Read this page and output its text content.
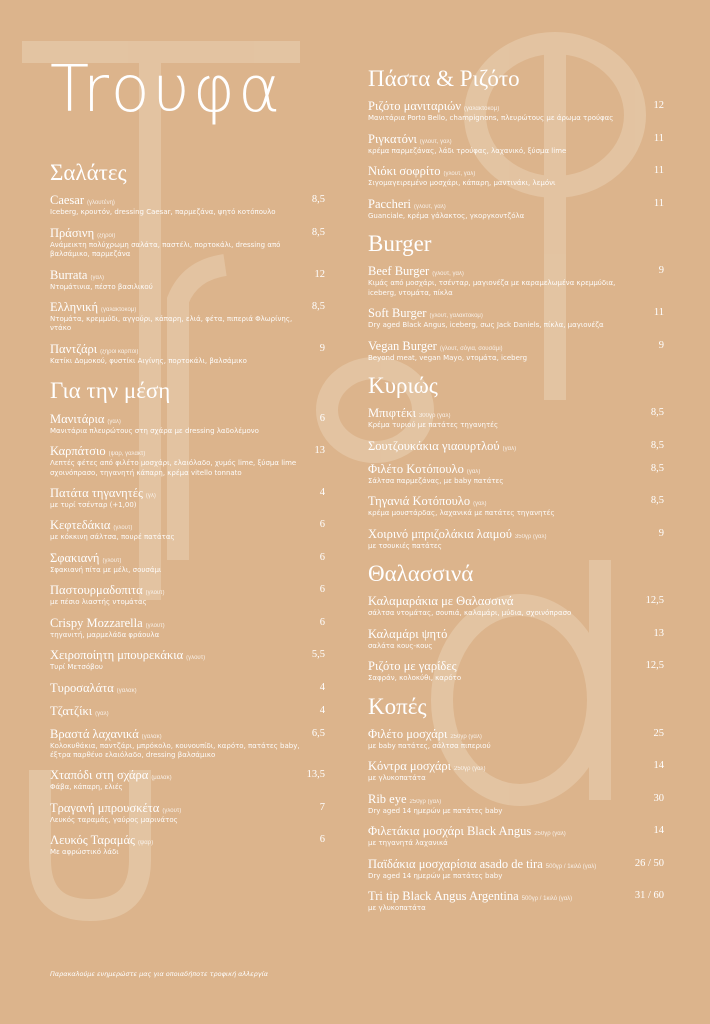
Troυφα
Σαλάτες
Caesar (γλουτένη)	8,5
Iceberg, κρουτόν, dressing Caesar, παρμεζάνα, ψητό κοτόπουλο
Πράσινη (ξηροί)	8,5
Ανάμεικτη πολύχρωμη σαλάτα, παστέλι, πορτοκάλι, dressing από βαλσάμικο, παρμεζάνα
Burrata (γαλ)	12
Ντομάτινια, πέστο βασιλικού
Ελληνική (γαλακτοκομ)	8,5
Ντομάτα, κρεμμύδι, αγγούρι, κάπαρη, ελιά, φέτα, πιπεριά Φλωρίνης, ντάκο
Παντζάρι (ξηροί καρποί)	9
Κατίκι Δομοκού, φυστίκι Αιγίνης, πορτοκάλι, βαλσάμικο
Για την μέση
Μανιτάρια (γαλ)	6
Μανιτάρια πλευρώτους στη σχάρα με dressing λαδολέμονο
Καρπάτσιο (ψαρ, γαλακτ)	13
Λεπτές φέτες από φιλέτο μοσχάρι, ελαιόλαδο, χυμός lime, ξύσμα lime σχοινόπρασο, τηγανητή κάπαρη, κρέμα vitello tonnato
Πατάτα τηγανητές (γλ)	4
με τυρί τσένταρ (+1,00)
Κεφτεδάκια (γλουτ)	6
με κόκκινη σάλτσα, πουρέ πατάτας
Σφακιανή (γλουτ)	6
Σφακιανή πίτα με μέλι, σουσάμι
Παστουρμαδοπιτα (γλουτ)	6
με πέσιο λιαστής ντομάτας
Crispy Mozzarella (γλουτ)	6
τηγανιτή, μαρμελάδα φράουλα
Χειροποίητη μπουρεκάκια (γλουτ)	5,5
Τυρί Μετσόβου
Τυροσαλάτα (γαλακ)	4
Τζατζίκι (γαλ)	4
Βραστά λαχανικά (γαλακ)	6,5
Κολοκυθάκια, παντζάρι, μπρόκολο, κουνουπίδι, καρότο, πατάτες baby, έξτρα παρθένο ελαιόλαδο, dressing βαλσάμικο
Χταπόδι στη σχάρα (μαλακ)	13,5
Φάβα, κάπαρη, ελιές
Τραγανή μπρουσκέτα (γλουτ)	7
Λευκός ταραμάς, γαύρος μαρινάτος
Λευκός Ταραμάς (ψαρ)	6
Με αφρώστικό λάδι
Πάστα & Ριζότο
Ριζότο μανιταριών (γαλακτοκομ)	12
Μανιτάρια Porto Bello, champignons, πλευρώτους με άρωμα τρούφας
Ριγκατόνι (γλουτ, γαλ)	11
κρέμα παρμεζάνας, λάδι τρούφας, λαχανικό, ξύσμα lime
Νιόκι σοφρίτο (γλουτ, γαλ)	11
Σιγομαγειρεμένο μοσχάρι, κάπαρη, μαντινάκι, λεμόνι
Paccheri (γλουτ, γαλ)	11
Guanciale, κρέμα γάλακτος, γκοργκοντζόλα
Burger
Beef Burger (γλουτ, γαλ)	9
Κιμάς από μοσχάρι, τσένταρ, μαγιονέζα με καραμελωμένα κρεμμύδια, iceberg, ντομάτα, πίκλα
Soft Burger (γλουτ, γαλακτοκομ)	11
Dry aged Black Angus, iceberg, σως Jack Daniels, πίκλα, μαγιονέζα
Vegan Burger (γλουτ, σόγια, σουσάμι)	9
Beyond meat, vegan Mayo, ντομάτα, iceberg
Κυριώς
Μπιφτέκι 300γρ (γαλ)	8,5
Κρέμα τυριού με πατάτες τηγανητές
Σουτζουκάκια γιαουρτλού (γαλ)	8,5
Φιλέτο Κοτόπουλο (γαλ)	8,5
Σάλτσα παρμεζάνας, με baby πατάτες
Τηγανιά Κοτόπουλο (γαλ)	8,5
κρέμα μουστάρδας, λαχανικά με πατάτες τηγανητές
Χοιρινό μπριζολάκια λαιμού 350γρ (γαλ)	9
με τσουκιές πατάτες
Θαλασσινά
Καλαμαράκια με Θαλασσινά	12,5
σάλτσα ντομάτας, σουπιά, καλαμάρι, μύδια, σχοινόπρασο
Καλαμάρι ψητό	13
σαλάτα κους-κους
Ριζότο με γαρίδες	12,5
Σαφράν, κολοκύθι, καρότο
Κοπές
Φιλέτο μοσχάρι 250γρ (γαλ)	25
με baby πατάτες, σάλτσα πιπεριού
Κόντρα μοσχάρι 250γρ (γαλ)	14
με γλυκοπατάτα
Rib eye 250γρ (γαλ)	30
Dry aged 14 ημερών με πατάτες baby
Φιλετάκια μοσχάρι Black Angus 250γρ (γαλ)	14
με τηγανητά λαχανικά
Παϊδάκια μοσχαρίσια asado de tira 500γρ / 1κιλό (γαλ)	26 / 50
Dry aged 14 ημερών με πατάτες baby
Tri tip Black Angus Argentina 500γρ / 1κιλό (γαλ)	31 / 60
με γλυκοπατάτα
Παρακαλούμε ενημερώστε μας για οποιαδήποτε τροφική αλλεργία
